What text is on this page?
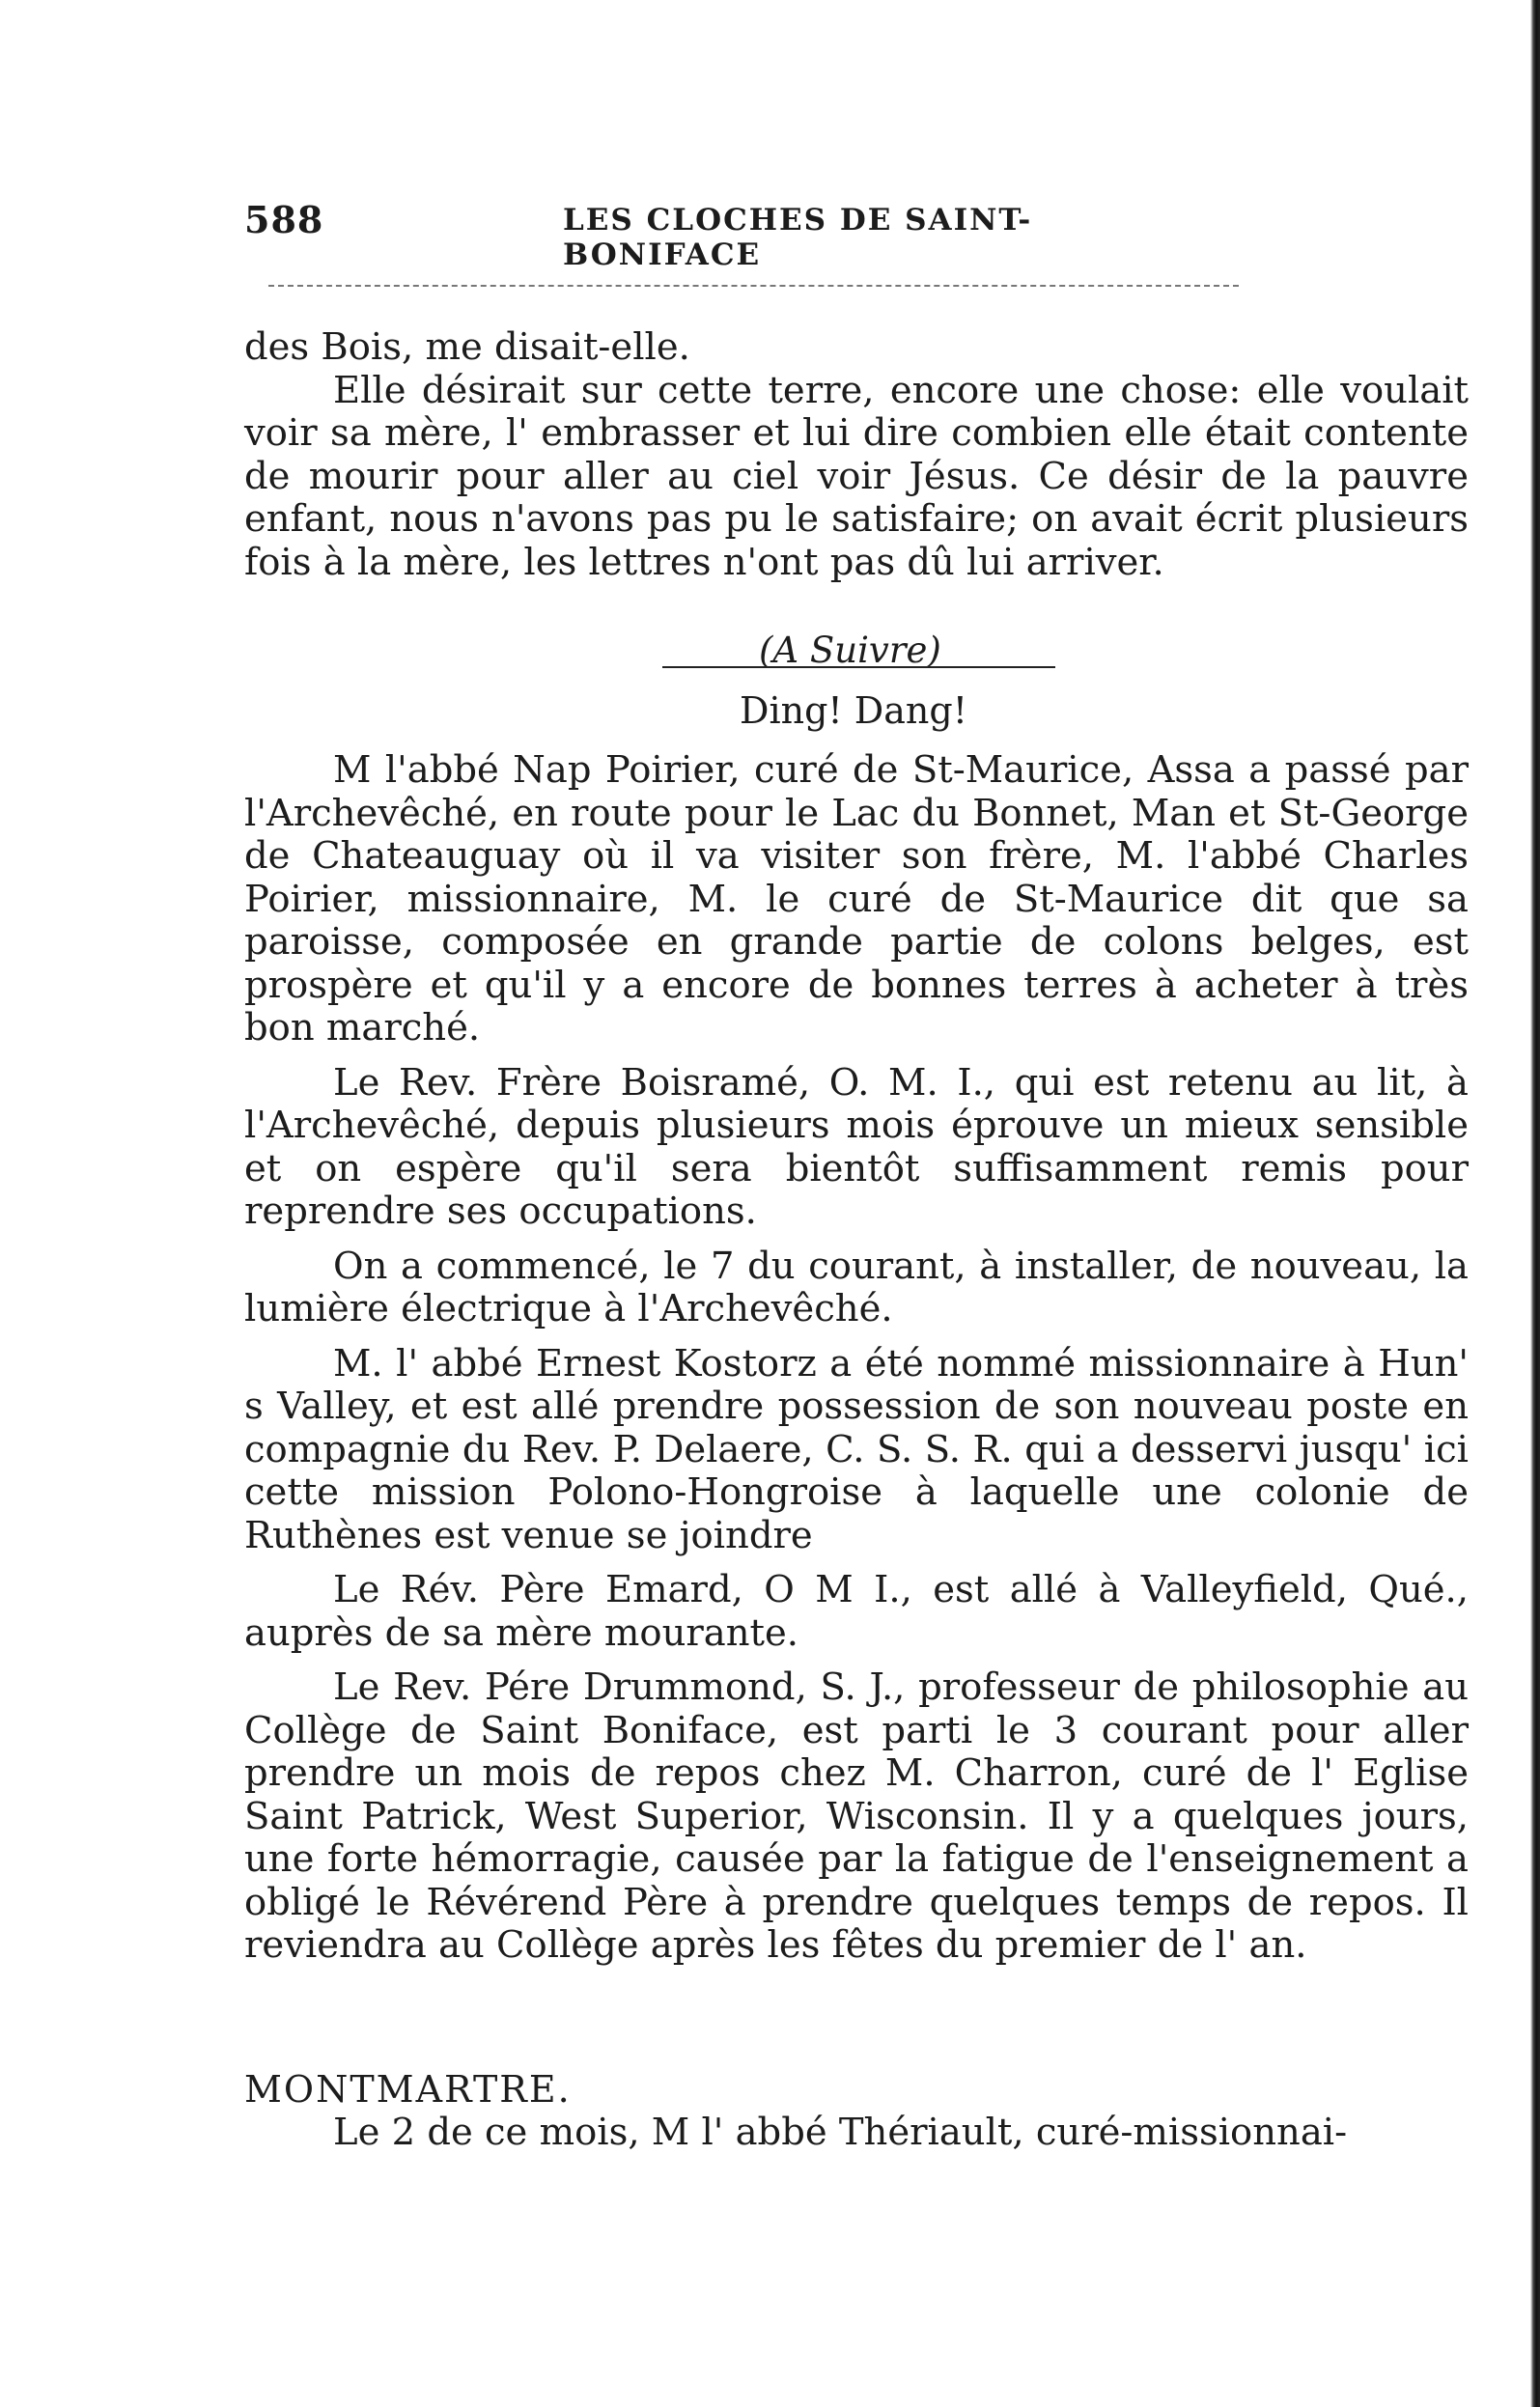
588	LES CLOCHES DE SAINT-BONIFACE

des Bois, me disait-elle.

Elle désirait sur cette terre, encore une chose: elle voulait voir sa mère, l' embrasser et lui dire combien elle était contente de mourir pour aller au ciel voir Jésus. Ce désir de la pauvre enfant, nous n'avons pas pu le satisfaire; on avait écrit plusieurs fois à la mère, les lettres n'ont pas dû lui arriver.

(A Suivre)
Ding! Dang!

M l'abbé Nap Poirier, curé de St-Maurice, Assa a passé par l'Archevêché, en route pour le Lac du Bonnet, Man et St-George de Chateauguay où il va visiter son frère, M. l'abbé Charles Poirier, missionnaire, M. le curé de St-Maurice dit que sa paroisse, composée en grande partie de colons belges, est prospère et qu'il y a encore de bonnes terres à acheter à très bon marché.

Le Rev. Frère Boisramé, O. M. I., qui est retenu au lit, à l'Archevêché, depuis plusieurs mois éprouve un mieux sensible et on espère qu'il sera bientôt suffisamment remis pour reprendre ses occupations.

On a commencé, le 7 du courant, à installer, de nouveau, la lumière électrique à l'Archevêché.

M. l' abbé Ernest Kostorz a été nommé missionnaire à Hun' s Valley, et est allé prendre possession de son nouveau poste en compagnie du Rev. P. Delaere, C. S. S. R. qui a desservi jusqu' ici cette mission Polono-Hongroise à laquelle une colonie de Ruthènes est venue se joindre

Le Rév. Père Emard, O M I., est allé à Valleyfield, Qué., auprès de sa mère mourante.

Le Rev. Pére Drummond, S. J., professeur de philosophie au Collège de Saint Boniface, est parti le 3 courant pour aller prendre un mois de repos chez M. Charron, curé de l' Eglise Saint Patrick, West Superior, Wisconsin. Il y a quelques jours, une forte hémorragie, causée par la fatigue de l'enseignement a obligé le Révérend Père à prendre quelques temps de repos. Il reviendra au Collège après les fêtes du premier de l' an.

MONTMARTRE.
Le 2 de ce mois, M l' abbé Thériault, curé-missionnai-
